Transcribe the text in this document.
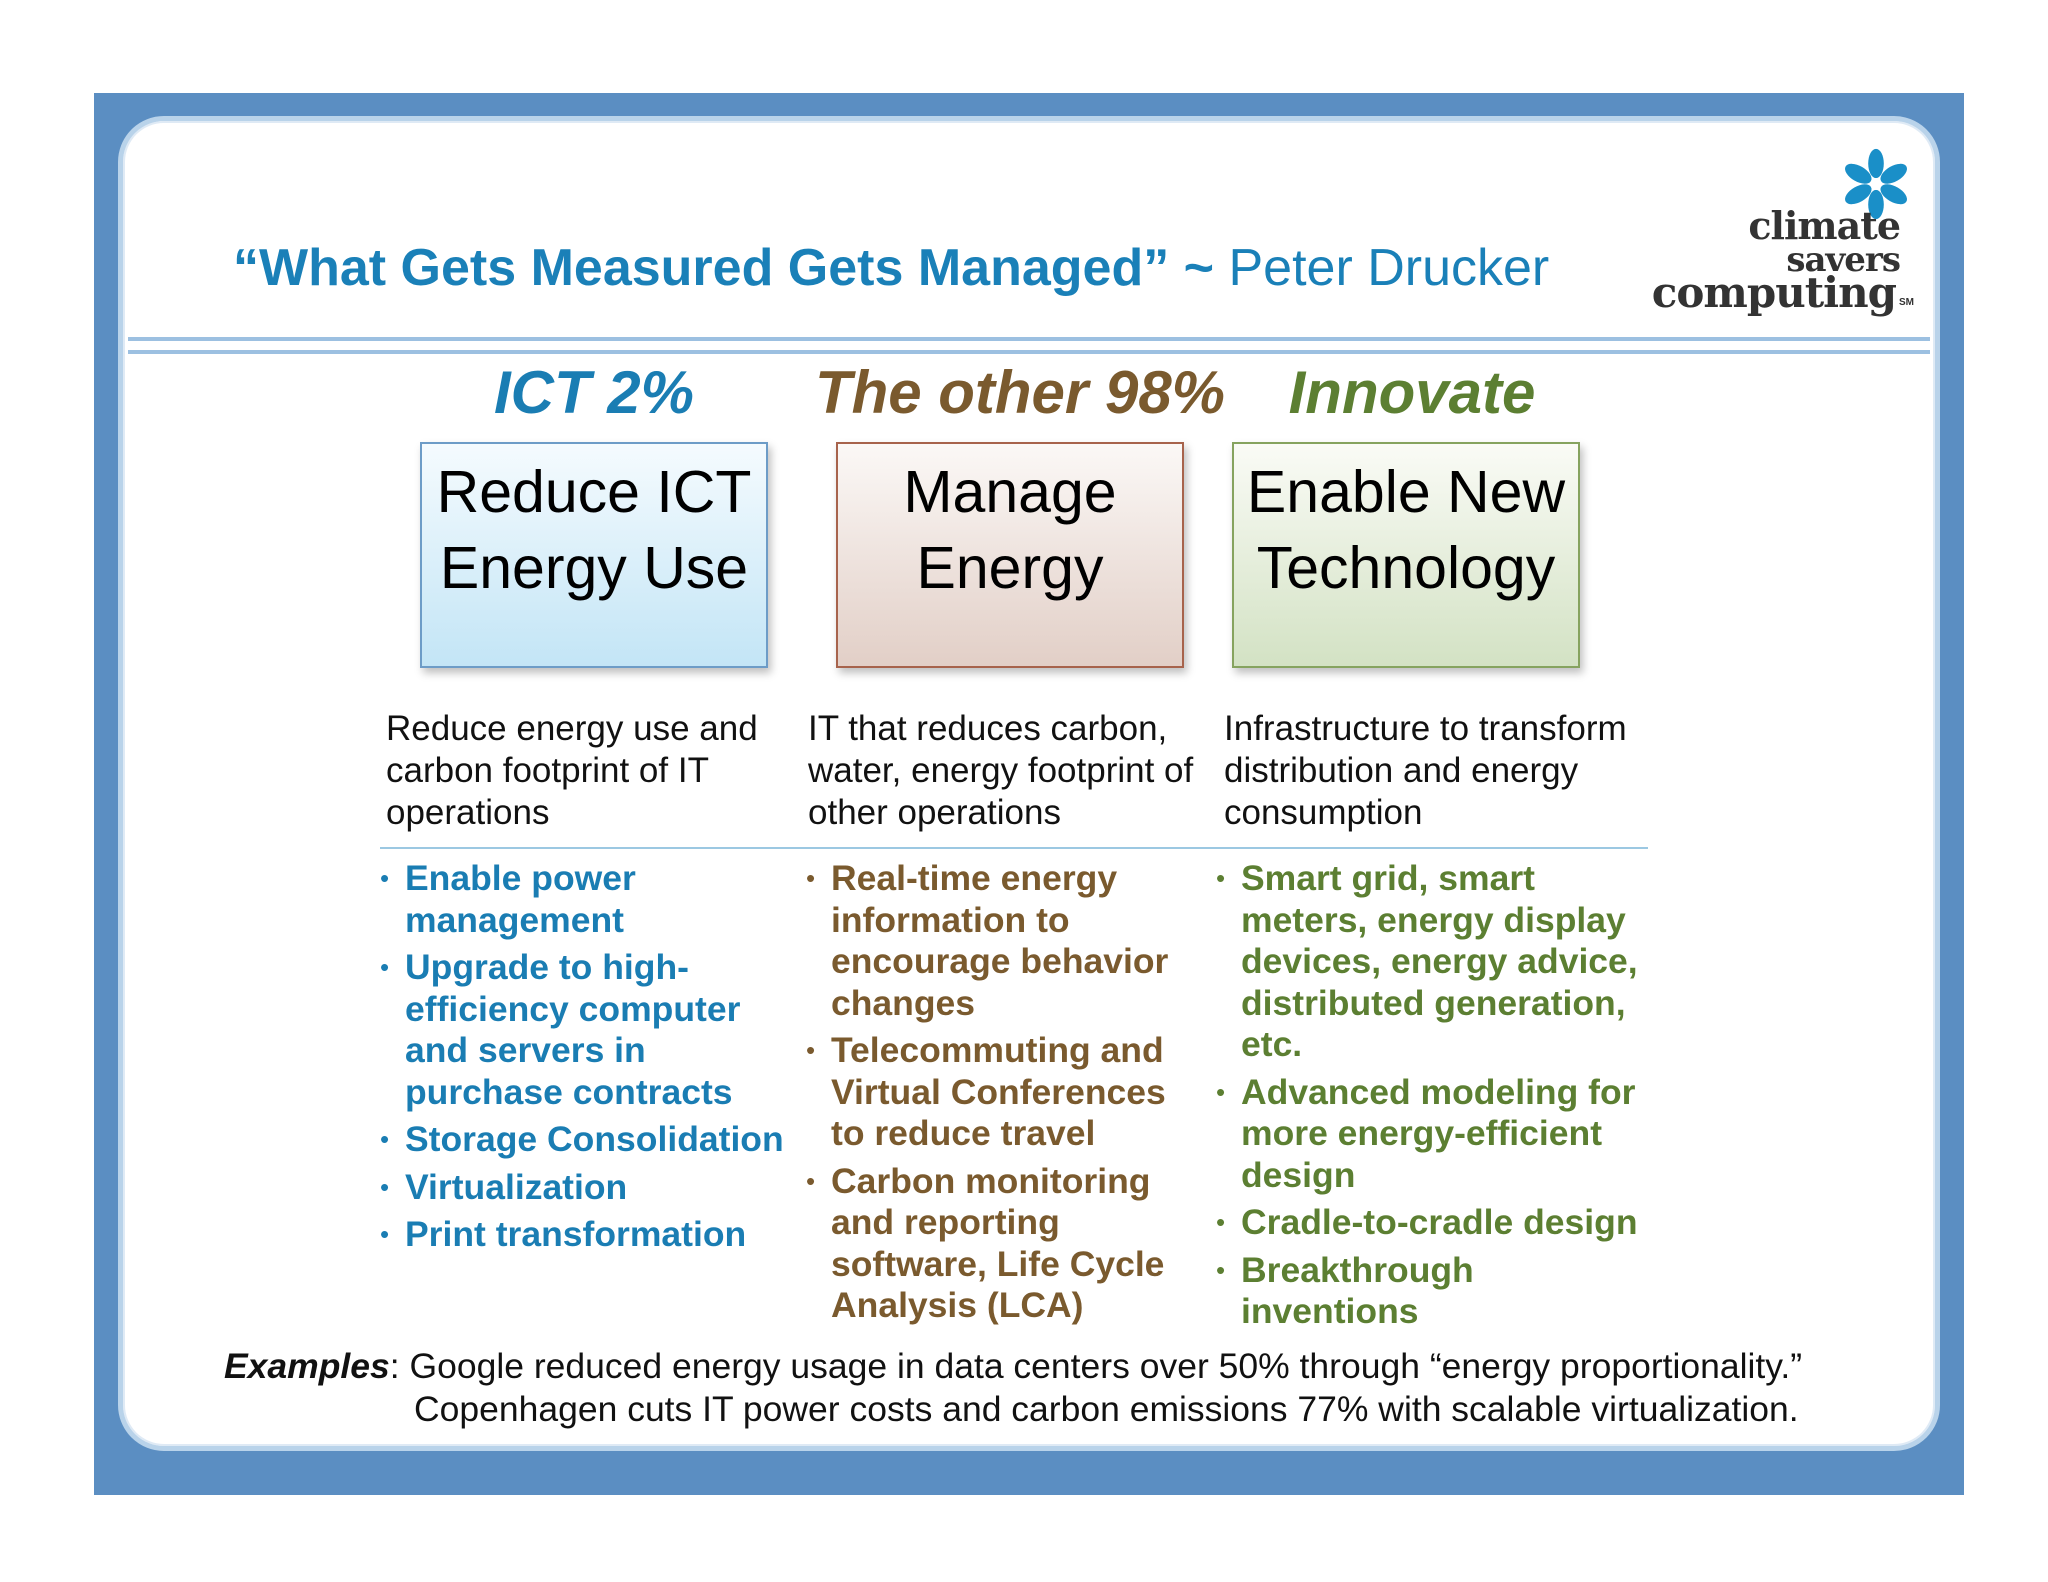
“What Gets Measured Gets Managed” ~ Peter Drucker
climate
savers
computing SM
ICT 2%	The other 98%	Innovate
Reduce ICT
Energy Use
Manage
Energy
Enable New
Technology
Reduce energy use and carbon footprint of IT operations
IT that reduces carbon, water, energy footprint of other operations
Infrastructure to transform distribution and energy consumption
• Enable power management
• Upgrade to high-efficiency computer and servers in purchase contracts
• Storage Consolidation
• Virtualization
• Print transformation
• Real-time energy information to encourage behavior changes
• Telecommuting and Virtual Conferences to reduce travel
• Carbon monitoring and reporting software, Life Cycle Analysis (LCA)
• Smart grid, smart meters, energy display devices, energy advice, distributed generation, etc.
• Advanced modeling for more energy-efficient design
• Cradle-to-cradle design
• Breakthrough inventions
Examples: Google reduced energy usage in data centers over 50% through “energy proportionality.”
Copenhagen cuts IT power costs and carbon emissions 77% with scalable virtualization.
